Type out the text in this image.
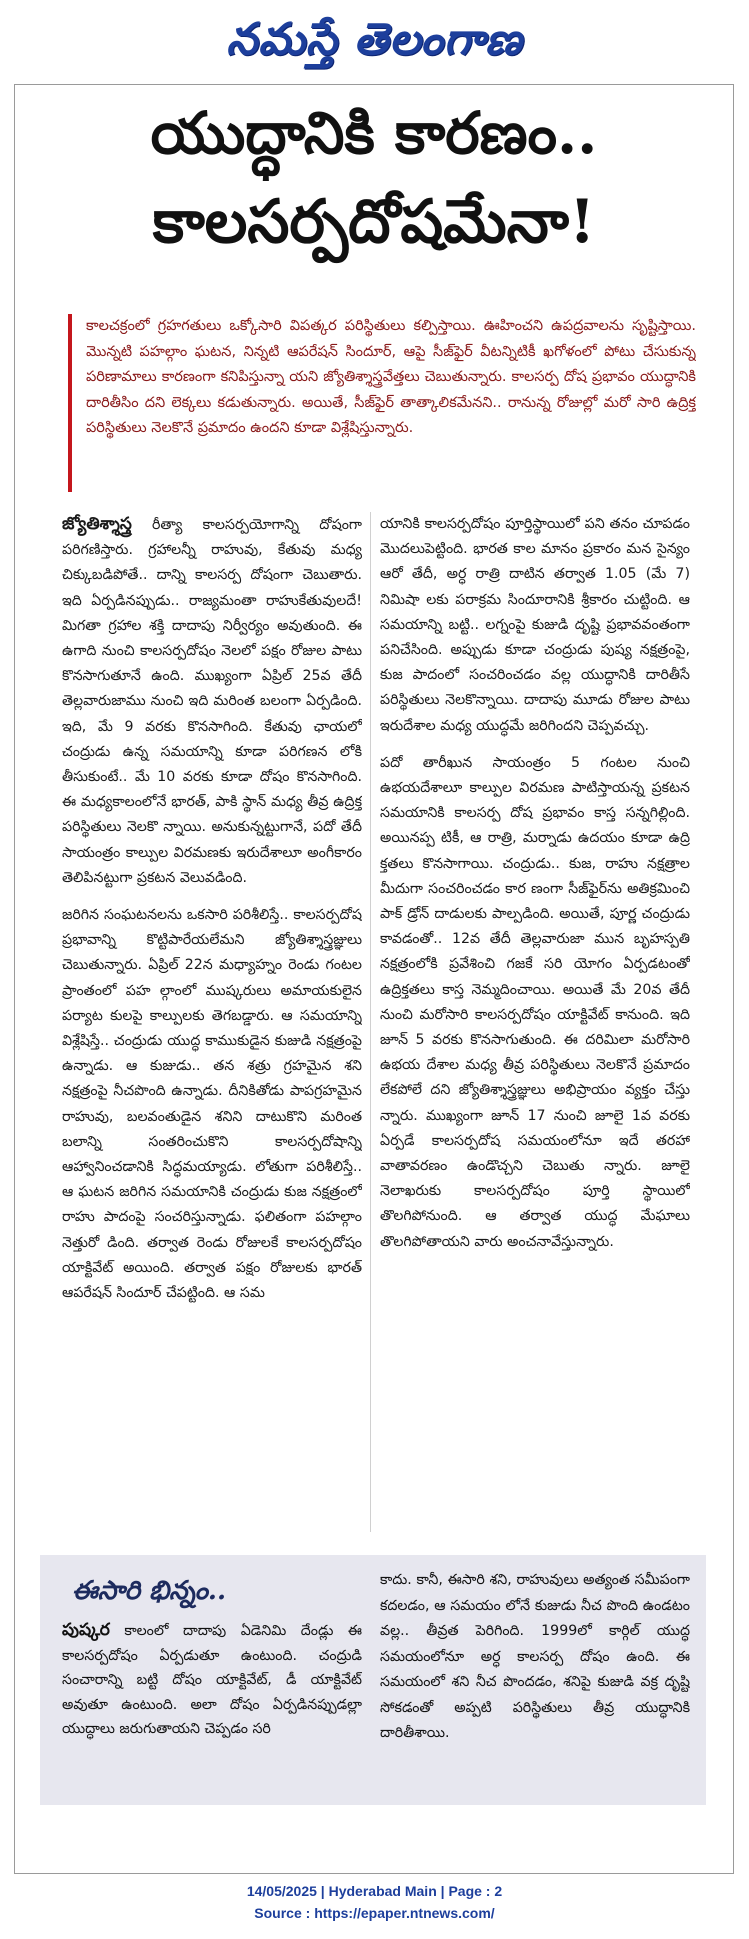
నమస్తే తెలంగాణ
యుద్ధానికి కారణం..
కాలసర్పదోషమేనా!
కాలచక్రంలో గ్రహగతులు ఒక్కోసారి విపత్కర పరిస్థితులు కల్పిస్తాయి. ఊహించని ఉపద్రవాలను సృష్టిస్తాయి. మొన్నటి పహల్గాం ఘటన, నిన్నటి ఆపరేషన్ సిందూర్, ఆపై సీజ్‌ఫైర్ వీటన్నిటికీ ఖగోళంలో పోటు చేసుకున్న పరిణామాలు కారణంగా కనిపిస్తున్నా యని జ్యోతిశ్శాస్త్రవేత్తలు చెబుతున్నారు. కాలసర్ప దోష ప్రభావం యుద్ధానికి దారితీసిం దని లెక్కలు కడుతున్నారు. అయితే, సీజ్‌ఫైర్ తాత్కాలికమేనని.. రానున్న రోజుల్లో మరో సారి ఉద్రిక్త పరిస్థితులు నెలకొనే ప్రమాదం ఉందని కూడా విశ్లేషిస్తున్నారు.

జ్యోతిశ్శాస్త్ర రీత్యా కాలసర్పయోగాన్ని దోషంగా పరిగణిస్తారు. గ్రహాలన్నీ రాహువు, కేతువు మధ్య చిక్కుబడిపోతే.. దాన్ని కాలసర్ప దోషంగా చెబుతారు. ఇది ఏర్పడినప్పుడు.. రాజ్యమంతా రాహుకేతువులదే! మిగతా గ్రహాల శక్తి దాదాపు నిర్వీర్యం అవుతుంది. ఈ ఉగాది నుంచి కాలసర్పదోషం నెలలో పక్షం రోజుల పాటు కొనసాగుతూనే ఉంది. ముఖ్యంగా ఏప్రిల్ 25వ తేదీ తెల్లవారుజాము నుంచి ఇది మరింత బలంగా ఏర్పడింది. ఇది, మే 9 వరకు కొనసాగింది. కేతువు ఛాయలో చంద్రుడు ఉన్న సమయాన్ని కూడా పరిగణన లోకి తీసుకుంటే.. మే 10 వరకు కూడా దోషం కొనసాగింది. ఈ మధ్యకాలంలోనే భారత్, పాకి స్థాన్ మధ్య తీవ్ర ఉద్రిక్త పరిస్థితులు నెలకొ న్నాయి. అనుకున్నట్టుగానే, పదో తేదీ సాయంత్రం కాల్పుల విరమణకు ఇరుదేశాలూ అంగీకారం తెలిపినట్టుగా ప్రకటన వెలువడింది.

జరిగిన సంఘటనలను ఒకసారి పరిశీలిస్తే.. కాలసర్పదోష ప్రభావాన్ని కొట్టిపారేయలేమని జ్యోతిశ్శాస్త్రజ్ఞులు చెబుతున్నారు. ఏప్రిల్ 22న మధ్యాహ్నం రెండు గంటల ప్రాంతంలో పహ ల్గాంలో ముష్కరులు అమాయకులైన పర్యాట కులపై కాల్పులకు తెగబడ్డారు. ఆ సమయాన్ని విశ్లేషిస్తే.. చంద్రుడు యుద్ధ కాముకుడైన కుజుడి నక్షత్రంపై ఉన్నాడు. ఆ కుజుడు.. తన శత్రు గ్రహమైన శని నక్షత్రంపై నీచపొంది ఉన్నాడు. దీనికితోడు పాపగ్రహమైన రాహువు, బలవంతుడైన శనిని దాటుకొని మరింత బలాన్ని సంతరించుకొని కాలసర్పదోషాన్ని ఆహ్వానించడానికి సిద్ధమయ్యాడు. లోతుగా పరిశీలిస్తే.. ఆ ఘటన జరిగిన సమయానికి చంద్రుడు కుజ నక్షత్రంలో రాహు పాదంపై సంచరిస్తున్నాడు. ఫలితంగా పహల్గాం నెత్తురో డింది. తర్వాత రెండు రోజులకే కాలసర్పదోషం యాక్టివేట్ అయింది. తర్వాత పక్షం రోజులకు భారత్ ఆపరేషన్ సిందూర్ చేపట్టింది. ఆ సమ

యానికి కాలసర్పదోషం పూర్తిస్థాయిలో పని తనం చూపడం మొదలుపెట్టింది. భారత కాల మానం ప్రకారం మన సైన్యం ఆరో తేదీ, అర్ధ రాత్రి దాటిన తర్వాత 1.05 (మే 7) నిమిషా లకు పరాక్రమ సిందూరానికి శ్రీకారం చుట్టింది. ఆ సమయాన్ని బట్టి.. లగ్నంపై కుజుడి దృష్టి ప్రభావవంతంగా పనిచేసింది. అప్పుడు కూడా చంద్రుడు పుష్య నక్షత్రంపై, కుజ పాదంలో సంచరించడం వల్ల యుద్ధానికి దారితీసే పరిస్థితులు నెలకొన్నాయి. దాదాపు మూడు రోజుల పాటు ఇరుదేశాల మధ్య యుద్ధమే జరిగిందని చెప్పవచ్చు.

పదో తారీఖున సాయంత్రం 5 గంటల నుంచి ఉభయదేశాలూ కాల్పుల విరమణ పాటిస్తాయన్న ప్రకటన సమయానికి కాలసర్ప దోష ప్రభావం కాస్త సన్నగిల్లింది. అయినప్ప టికీ, ఆ రాత్రి, మర్నాడు ఉదయం కూడా ఉద్రి క్తతలు కొనసాగాయి. చంద్రుడు.. కుజ, రాహు నక్షత్రాల మీదుగా సంచరించడం కార ణంగా సీజ్‌ఫైర్‌ను అతిక్రమించి పాక్ డ్రోన్ దాడులకు పాల్పడింది. అయితే, పూర్ణ చంద్రుడు కావడంతో.. 12వ తేదీ తెల్లవారుజా మున బృహస్పతి నక్షత్రంలోకి ప్రవేశించి గజకే సరి యోగం ఏర్పడటంతో ఉద్రిక్తతలు కాస్త నెమ్మదించాయి. అయితే మే 20వ తేదీ నుంచి మరోసారి కాలసర్పదోషం యాక్టివేట్ కానుంది. ఇది జూన్ 5 వరకు కొనసాగుతుంది. ఈ దరిమిలా మరోసారి ఉభయ దేశాల మధ్య తీవ్ర పరిస్థితులు నెలకొనే ప్రమాదం లేకపోలే దని జ్యోతిశ్శాస్త్రజ్ఞులు అభిప్రాయం వ్యక్తం చేస్తు న్నారు. ముఖ్యంగా జూన్ 17 నుంచి జూలై 1వ వరకు ఏర్పడే కాలసర్పదోష సమయంలోనూ ఇదే తరహా వాతావరణం ఉండొచ్చని చెబుతు న్నారు. జూలై నెలాఖరుకు కాలసర్పదోషం పూర్తి స్థాయిలో తొలగిపోనుంది. ఆ తర్వాత యుద్ధ మేఘాలు తొలగిపోతాయని వారు అంచనావేస్తున్నారు.

ఈసారి భిన్నం..
పుష్కర కాలంలో దాదాపు ఏడెనిమి దేండ్లు ఈ కాలసర్పదోషం ఏర్పడుతూ ఉంటుంది. చంద్రుడి సంచారాన్ని బట్టి దోషం యాక్టివేట్, డీ యాక్టివేట్ అవుతూ ఉంటుంది. అలా దోషం ఏర్పడినప్పుడల్లా యుద్ధాలు జరుగుతాయని చెప్పడం సరి
కాదు. కానీ, ఈసారి శని, రాహువులు అత్యంత సమీపంగా కదలడం, ఆ సమయం లోనే కుజుడు నీచ పొంది ఉండటం వల్ల.. తీవ్రత పెరిగింది. 1999లో కార్గిల్ యుద్ధ సమయంలోనూ అర్ధ కాలసర్ప దోషం ఉంది. ఈ సమయంలో శని నీచ పొందడం, శనిపై కుజుడి వక్ర దృష్టి సోకడంతో అప్పటి పరిస్థితులు తీవ్ర యుద్ధానికి దారితీశాయి.
14/05/2025 | Hyderabad Main | Page : 2
Source : https://epaper.ntnews.com/
